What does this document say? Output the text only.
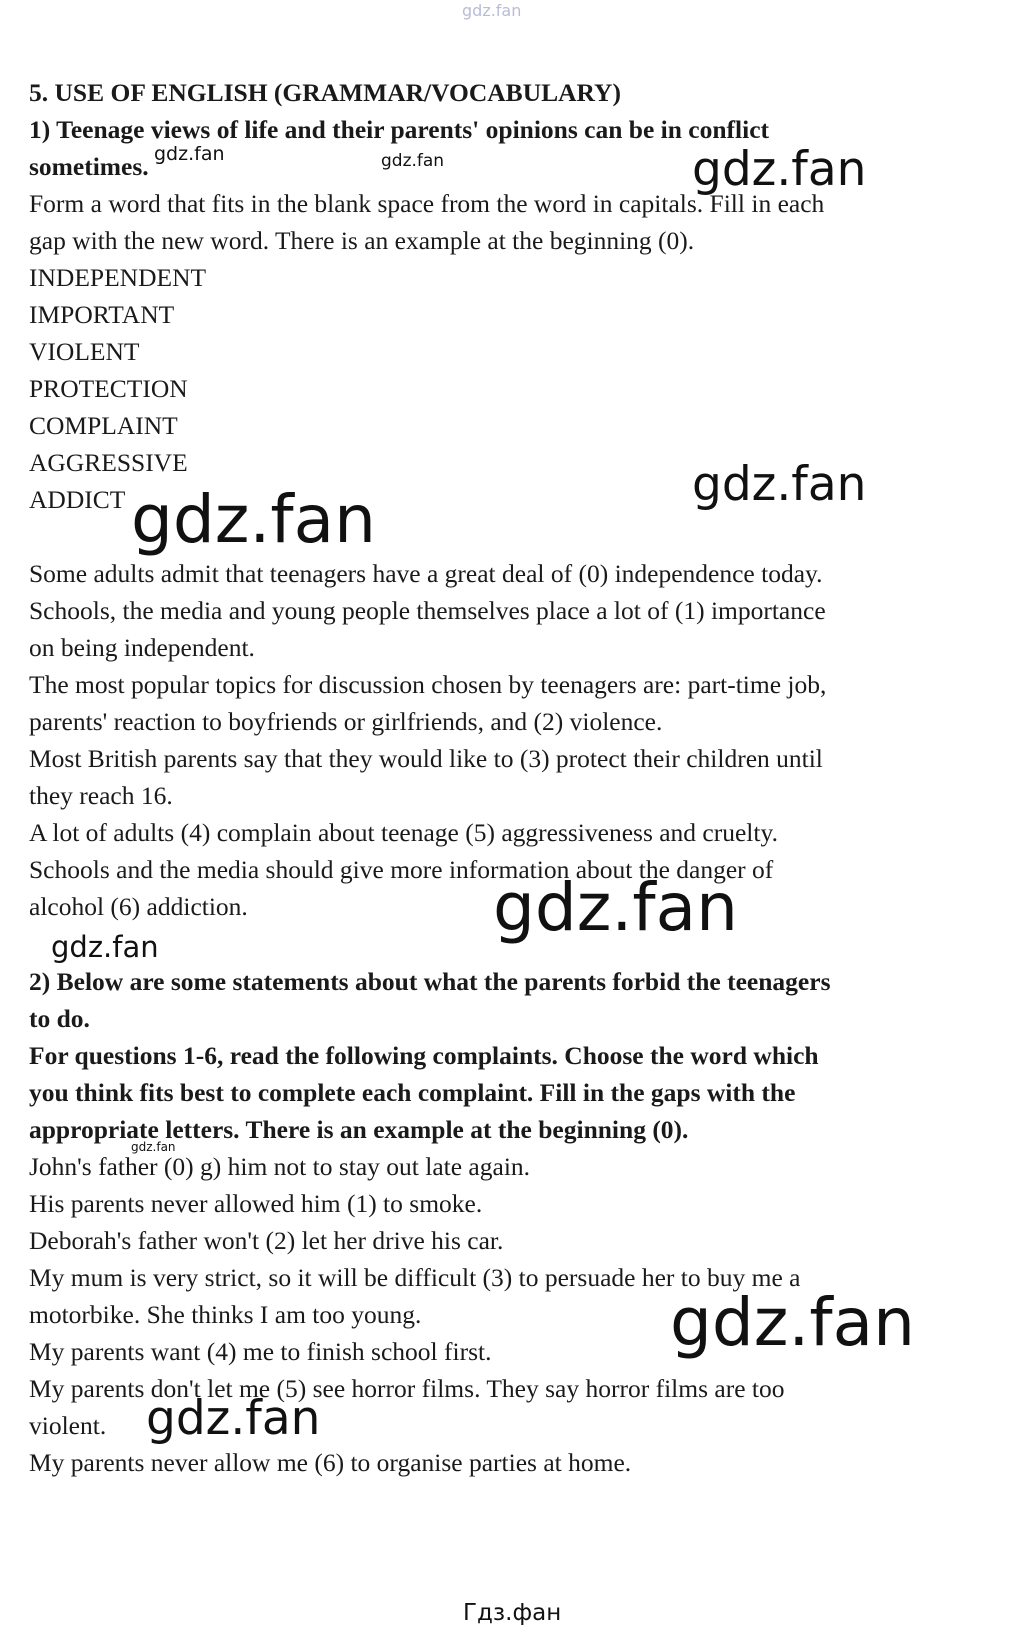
gdz.fan
5. USE OF ENGLISH (GRAMMAR/VOCABULARY)
1) Teenage views of life and their parents' opinions can be in conflict
sometimes.
Form a word that fits in the blank space from the word in capitals. Fill in each
gap with the new word. There is an example at the beginning (0).
INDEPENDENT
IMPORTANT
VIOLENT
PROTECTION
COMPLAINT
AGGRESSIVE
ADDICT
Some adults admit that teenagers have a great deal of (0) independence today.
Schools, the media and young people themselves place a lot of (1) importance
on being independent.
The most popular topics for discussion chosen by teenagers are: part-time job,
parents' reaction to boyfriends or girlfriends, and (2) violence.
Most British parents say that they would like to (3) protect their children until
they reach 16.
A lot of adults (4) complain about teenage (5) aggressiveness and cruelty.
Schools and the media should give more information about the danger of
alcohol (6) addiction.
2) Below are some statements about what the parents forbid the teenagers
to do.
For questions 1-6, read the following complaints. Choose the word which
you think fits best to complete each complaint. Fill in the gaps with the
appropriate letters. There is an example at the beginning (0).
John's father (0) g) him not to stay out late again.
His parents never allowed him (1) to smoke.
Deborah's father won't (2) let her drive his car.
My mum is very strict, so it will be difficult (3) to persuade her to buy me a
motorbike. She thinks I am too young.
My parents want (4) me to finish school first.
My parents don't let me (5) see horror films. They say horror films are too
violent.
My parents never allow me (6) to organise parties at home.
gdz.fan	gdz.fan	gdz.fan
gdz.fan
gdz.fan
gdz.fan
gdz.fan
gdz.fan
gdz.fan
gdz.fan
Гдз.фан
